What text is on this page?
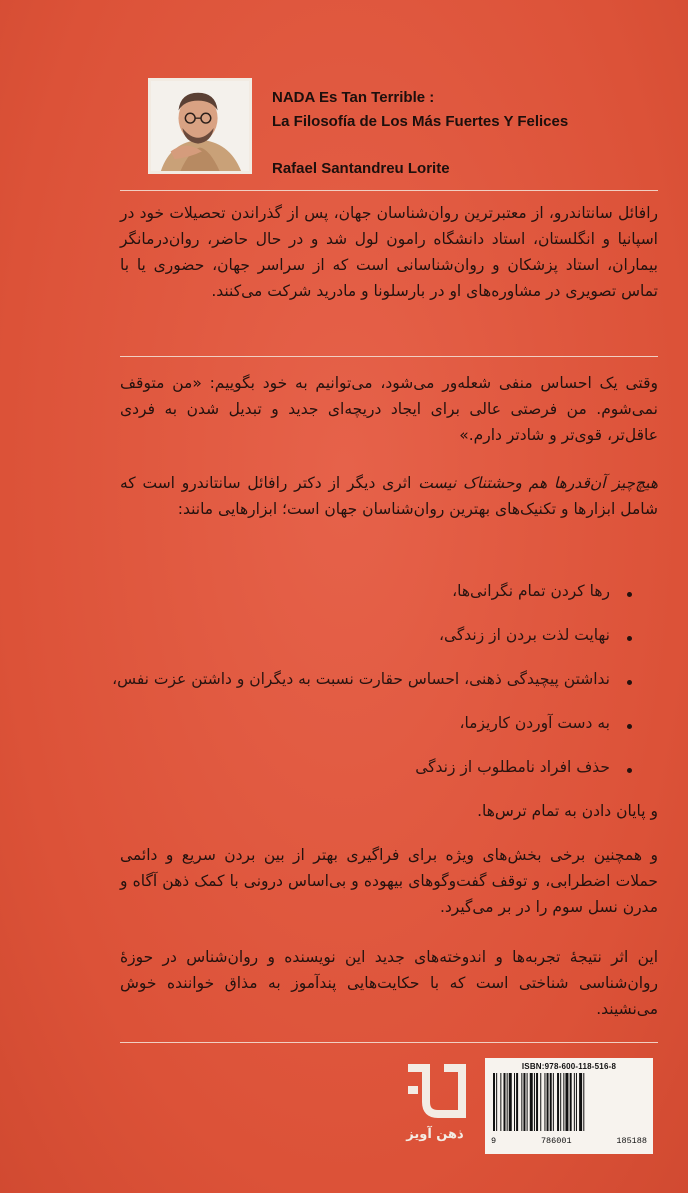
NADA Es Tan Terrible :
La Filosofía de Los Más Fuertes Y Felices
Rafael Santandreu Lorite

رافائل سانتاندرو، از معتبرترین روان‌شناسان جهان، پس از گذراندن تحصیلات خود در اسپانیا و انگلستان، استاد دانشگاه رامون لول شد و در حال حاضر، روان‌درمانگر بیماران، استاد پزشکان و روان‌شناسانی است که از سراسر جهان، حضوری یا با تماس تصویری در مشاوره‌های او در بارسلونا و مادرید شرکت می‌کنند.

وقتی یک احساس منفی شعله‌ور می‌شود، می‌توانیم به خود بگوییم: «من متوقف نمی‌شوم. من فرصتی عالی برای ایجاد دریچه‌ای جدید و تبدیل شدن به فردی عاقل‌تر، قوی‌تر و شادتر دارم.»

هیچ‌چیز آن‌قدرها هم وحشتناک نیست اثری دیگر از دکتر رافائل سانتاندرو است که شامل ابزارها و تکنیک‌های بهترین روان‌شناسان جهان است؛ ابزارهایی مانند:

رها کردن تمام نگرانی‌ها،
نهایت لذت بردن از زندگی،
نداشتن پیچیدگی ذهنی، احساس حقارت نسبت به دیگران و داشتن عزت نفس،
به دست آوردن کاریزما،
حذف افراد نامطلوب از زندگی

و پایان دادن به تمام ترس‌ها.

و همچنین برخی بخش‌های ویژه برای فراگیری بهتر از بین بردن سریع و دائمی حملات اضطرابی، و توقف گفت‌وگوهای بیهوده و بی‌اساس درونی با کمک ذهن آگاه و مدرن نسل سوم را در بر می‌گیرد.

این اثر نتیجهٔ تجربه‌ها و اندوخته‌های جدید این نویسنده و روان‌شناس در حوزهٔ روان‌شناسی شناختی است که با حکایت‌هایی پندآموز به مذاق خواننده خوش می‌نشیند.

ذهن آویز
ISBN:978-600-118-516-8
9	786001	185188
